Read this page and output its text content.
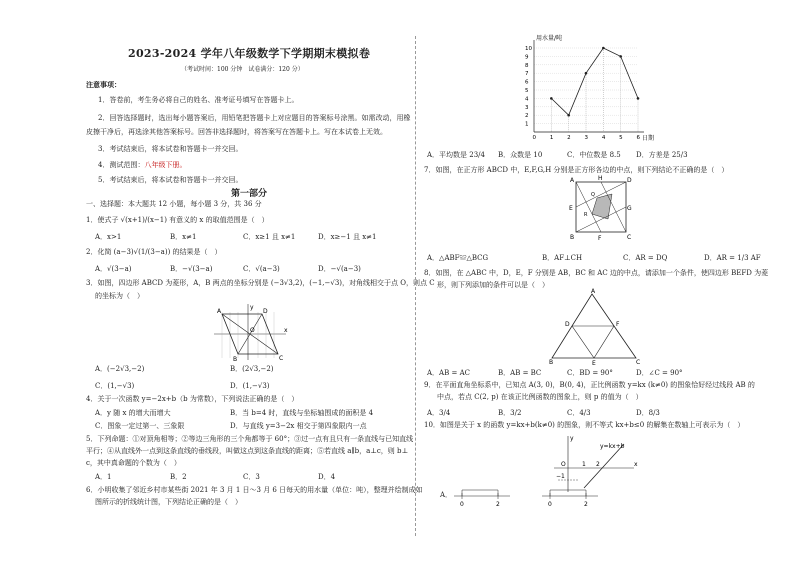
2023-2024 学年八年级数学下学期期末模拟卷
（考试时间：100 分钟　试卷满分：120 分）
注意事项：
1．答卷前，考生务必将自己的姓名、准考证号填写在答题卡上。
2．回答选择题时，选出每小题答案后，用铅笔把答题卡上对应题目的答案标号涂黑。如需改动，用橡
皮擦干净后，再选涂其他答案标号。回答非选择题时，将答案写在答题卡上。写在本试卷上无效。
3．考试结束后，将本试卷和答题卡一并交回。
4．测试范围：八年级下册。
5．考试结束后，将本试卷和答题卡一并交回。
第一部分
一、选择题：本大题共 12 小题，每小题 3 分，共 36 分
1．使式子 √(x+1)/(x−1) 有意义的 x 的取值范围是（　）
A．x>1	B．x≠1	C．x≥1 且 x≠1	D．x≥−1 且 x≠1
2．化简 (a−3)√(1/(3−a)) 的结果是（　）
A．√(3−a)	B．−√(3−a)	C．√(a−3)	D．−√(a−3)
3．如图，四边形 ABCD 为菱形，A，B 两点的坐标分别是 (−3√3,2)，(−1,−√3)，对角线相交于点 O，则点 C
的坐标为（　）
A	D
O
B	C
x
y
A．(−2√3,−2)	B．(2√3,−2)
C．(1,−√3)	D．(1,−√3)
4．关于一次函数 y=−2x+b（b 为常数），下列说法正确的是（　）
A．y 随 x 的增大而增大	B．当 b=4 时，直线与坐标轴围成的面积是 4
C．图象一定过第一、三象限	D．与直线 y=3−2x 相交于第四象限内一点
5．下列命题：①对顶角相等；②等边三角形的三个角都等于 60°；③过一点有且只有一条直线与已知直线
平行；④从直线外一点到这条直线的垂线段，叫做这点到这条直线的距离；⑤若直线 a∥b，a⊥c，则 b⊥
c，其中真命题的个数为（　）
A．1	B．2	C．3	D．4
6．小明收集了邻近乡村市某些街 2021 年 3 月 1 日～3 月 6 日每天的用水量（单位：吨），整理并绘制成如
图所示的折线统计图，下列结论正确的是（　）
用水量/吨
日期
0	1	2	3	4	5	6
1
2
3
4
5
6
7
8
9
10
A．平均数是 23/4 B．众数是 10	C．中位数是 8.5 D．方差是 25/3
7．如图，在正方形 ABCD 中，E,F,G,H 分别是正方形各边的中点，则下列结论不正确的是（　）
A	H	D
E	G
B	F	C
Q
R
A．△ABF≌△BCG	B．AF⊥CH	C．AR = DQ	D．AR = 1/3 AF
8．如图，在 △ABC 中，D，E，F 分别是 AB，BC 和 AC 边的中点，请添加一个条件，使四边形 BEFD 为菱
形，则下列添加的条件可以是（　）
A
D	F
B	E	C
A．AB = AC	B．AB = BC	C．BD = 90°	D．∠C = 90°
9．在平面直角坐标系中，已知点 A(3, 0)，B(0, 4)，正比例函数 y=kx (k≠0) 的图象恰好经过线段 AB 的
中点，若点 C(2, p) 在该正比例函数的图象上，则 p 的值为（　）
A．3/4	B．3/2	C．4/3	D．8/3
10．如图是关于 x 的函数 y=kx+b(k≠0) 的图象，则不等式 kx+b≤0 的解集在数轴上可表示为（　）
y
y=kx+b
O	1 2	x
−1
A．
0	2	0	2
